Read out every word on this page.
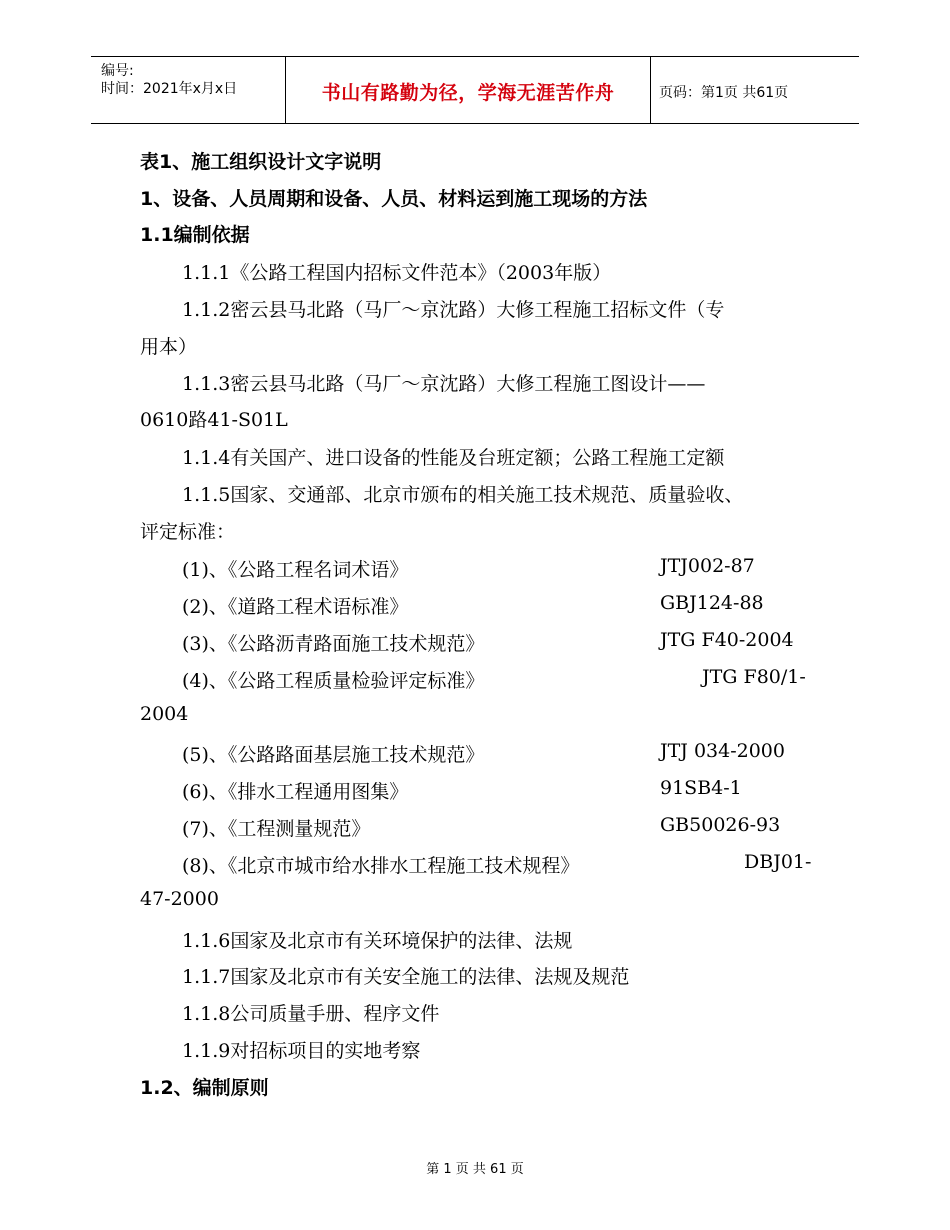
编号:
时间：2021年x月x日	书山有路勤为径，学海无涯苦作舟	页码：第1页 共61页
表1、施工组织设计文字说明
1、设备、人员周期和设备、人员、材料运到施工现场的方法
1.1编制依据
1.1.1《公路工程国内招标文件范本》（2003年版）
1.1.2密云县马北路（马厂～京沈路）大修工程施工招标文件（专
用本）
1.1.3密云县马北路（马厂～京沈路）大修工程施工图设计——
0610路41-S01L
1.1.4有关国产、进口设备的性能及台班定额；公路工程施工定额
1.1.5国家、交通部、北京市颁布的相关施工技术规范、质量验收、
评定标准：
(1)、《公路工程名词术语》	JTJ002-87
(2)、《道路工程术语标准》	GBJ124-88
(3)、《公路沥青路面施工技术规范》	JTG F40-2004
(4)、《公路工程质量检验评定标准》	JTG F80/1-
2004
(5)、《公路路面基层施工技术规范》	JTJ 034-2000
(6)、《排水工程通用图集》	91SB4-1
(7)、《工程测量规范》	GB50026-93
(8)、《北京市城市给水排水工程施工技术规程》	DBJ01-
47-2000
1.1.6国家及北京市有关环境保护的法律、法规
1.1.7国家及北京市有关安全施工的法律、法规及规范
1.1.8公司质量手册、程序文件
1.1.9对招标项目的实地考察
1.2、编制原则
第 1 页 共 61 页
